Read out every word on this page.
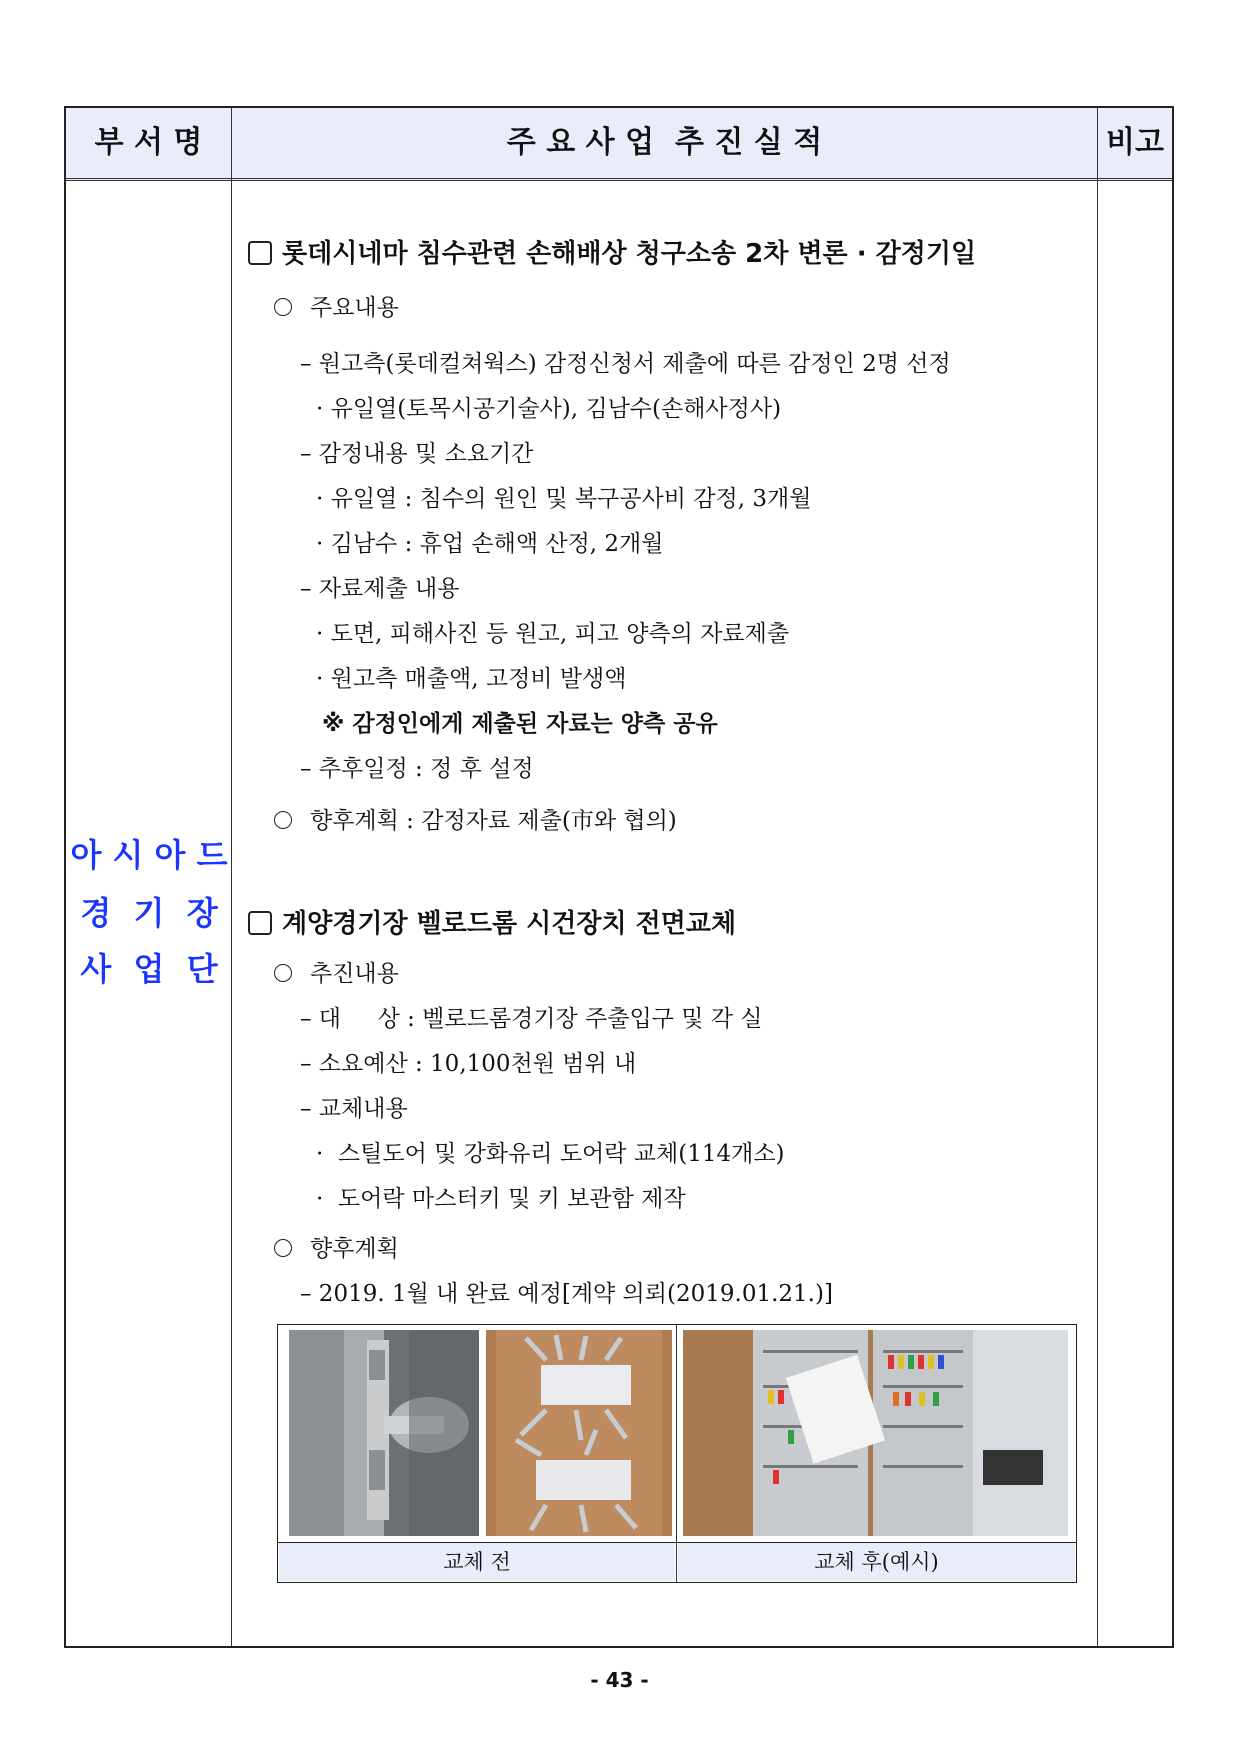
부 서 명	주 요 사 업  추 진 실 적	비고
아 시 아 드
경  기  장
사  업  단
롯데시네마 침수관련 손해배상 청구소송 2차 변론 · 감정기일
주요내용
– 원고측(롯데컬쳐웍스) 감정신청서 제출에 따른 감정인 2명 선정
· 유일열(토목시공기술사), 김남수(손해사정사)
– 감정내용 및 소요기간
· 유일열 : 침수의 원인 및 복구공사비 감정, 3개월
· 김남수 : 휴업 손해액 산정, 2개월
– 자료제출 내용
· 도면, 피해사진 등 원고, 피고 양측의 자료제출
· 원고측 매출액, 고정비 발생액
※ 감정인에게 제출된 자료는 양측 공유
– 추후일정 : 정 후 설정
향후계획 : 감정자료 제출(市와 협의)
계양경기장 벨로드롬 시건장치 전면교체
추진내용
– 대     상 : 벨로드롬경기장 주출입구 및 각 실
– 소요예산 : 10,100천원 범위 내
– 교체내용
·  스틸도어 및 강화유리 도어락 교체(114개소)
·  도어락 마스터키 및 키 보관함 제작
향후계획
– 2019. 1월 내 완료 예정[계약 의뢰(2019.01.21.)]
교체 전	교체 후(예시)
- 43 -
